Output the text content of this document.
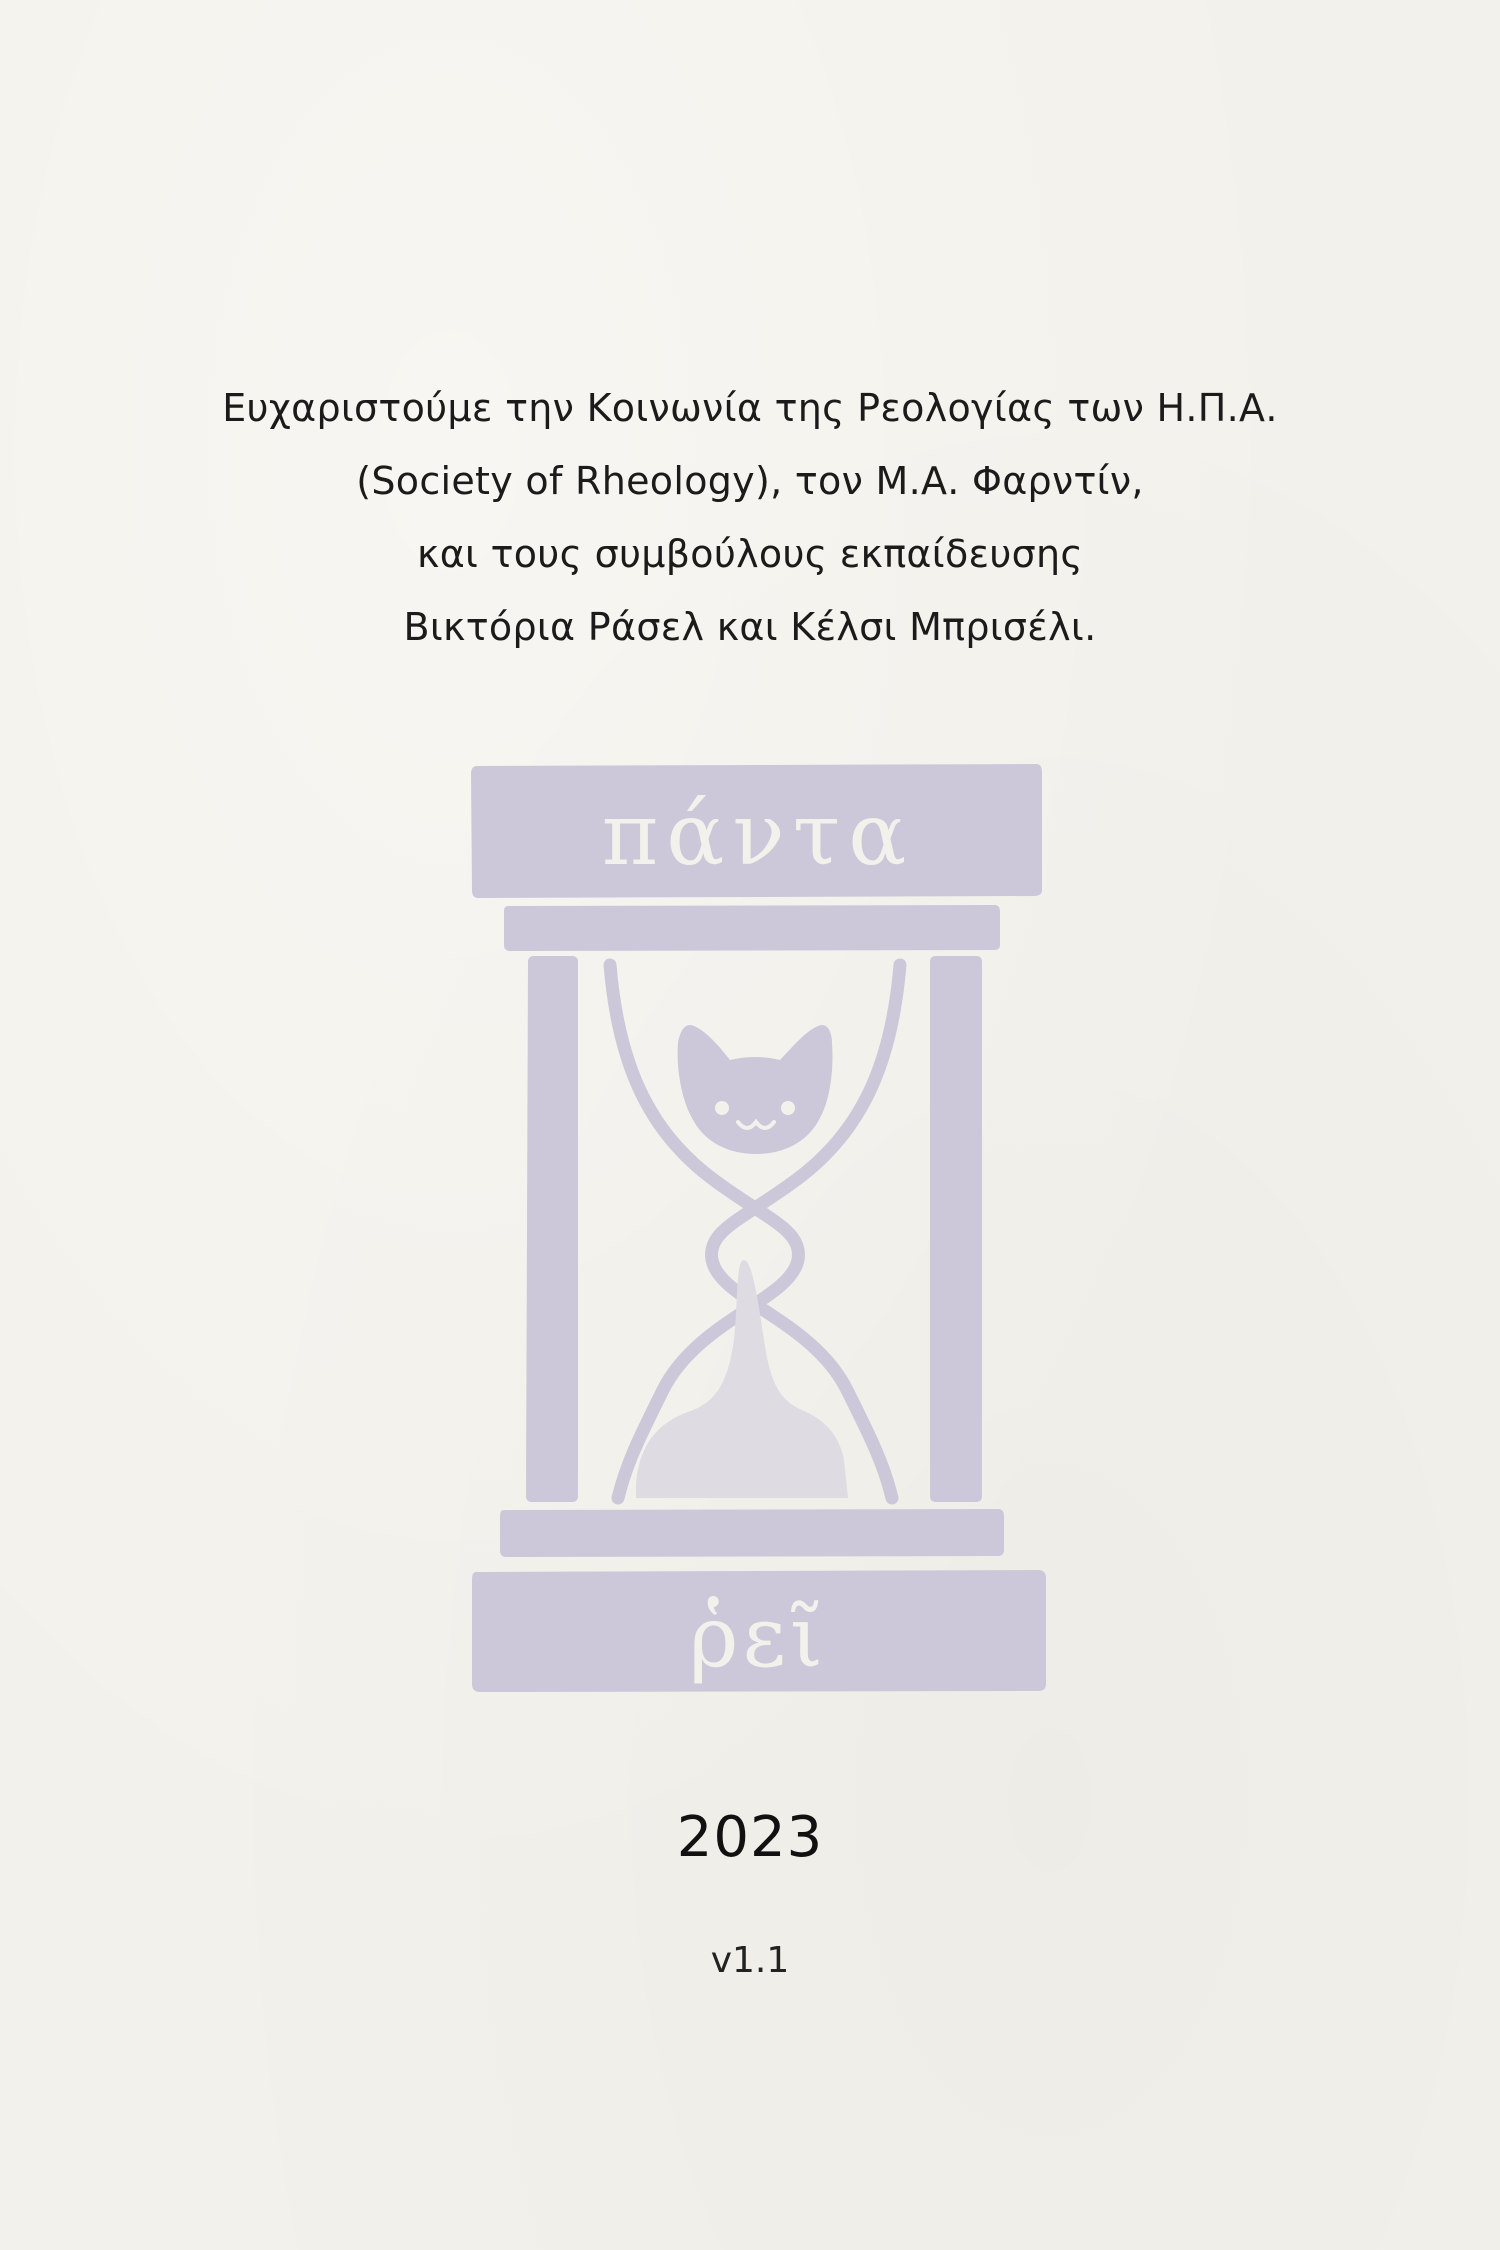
Ευχαριστούμε την Κοινωνία της Ρεολογίας των Η.Π.Α.
(Society of Rheology), τον Μ.Α. Φαρντίν,
και τους συμβούλους εκπαίδευσης
Βικτόρια Ράσελ και Κέλσι Μπρισέλι.
πάντα
ῥεῖ
2023
v1.1
